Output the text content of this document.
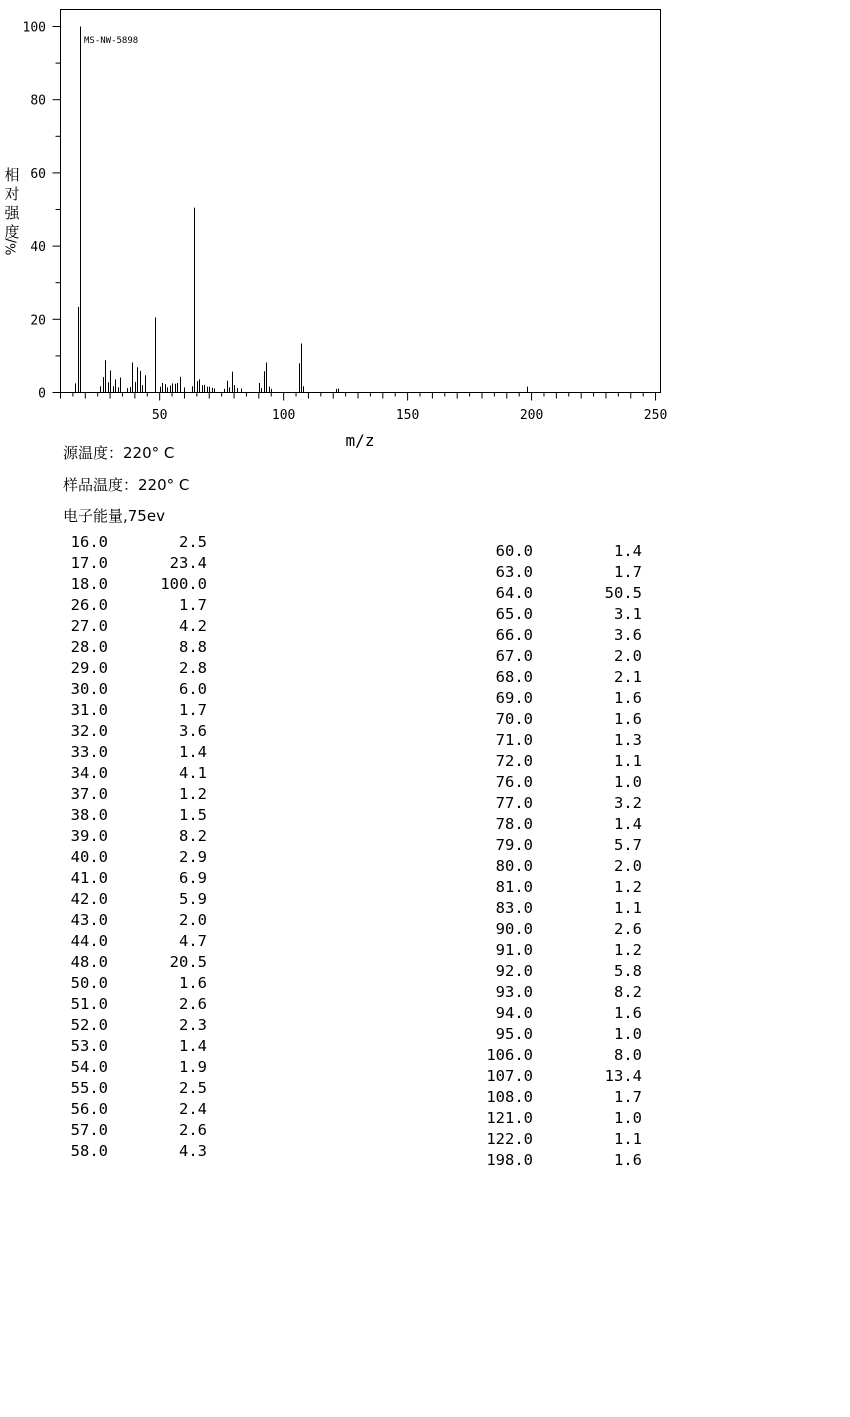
0
20
40
60
80
100
50	100	150	200	250
MS-NW-5898
m/z
相
对
强
度
%/
源温度：220° C
样品温度：220° C
电子能量,75ev
16.0	2.5
17.0	23.4
18.0	100.0
26.0	1.7
27.0	4.2
28.0	8.8
29.0	2.8
30.0	6.0
31.0	1.7
32.0	3.6
33.0	1.4
34.0	4.1
37.0	1.2
38.0	1.5
39.0	8.2
40.0	2.9
41.0	6.9
42.0	5.9
43.0	2.0
44.0	4.7
48.0	20.5
50.0	1.6
51.0	2.6
52.0	2.3
53.0	1.4
54.0	1.9
55.0	2.5
56.0	2.4
57.0	2.6
58.0	4.3
60.0	1.4
63.0	1.7
64.0	50.5
65.0	3.1
66.0	3.6
67.0	2.0
68.0	2.1
69.0	1.6
70.0	1.6
71.0	1.3
72.0	1.1
76.0	1.0
77.0	3.2
78.0	1.4
79.0	5.7
80.0	2.0
81.0	1.2
83.0	1.1
90.0	2.6
91.0	1.2
92.0	5.8
93.0	8.2
94.0	1.6
95.0	1.0
106.0	8.0
107.0	13.4
108.0	1.7
121.0	1.0
122.0	1.1
198.0	1.6
